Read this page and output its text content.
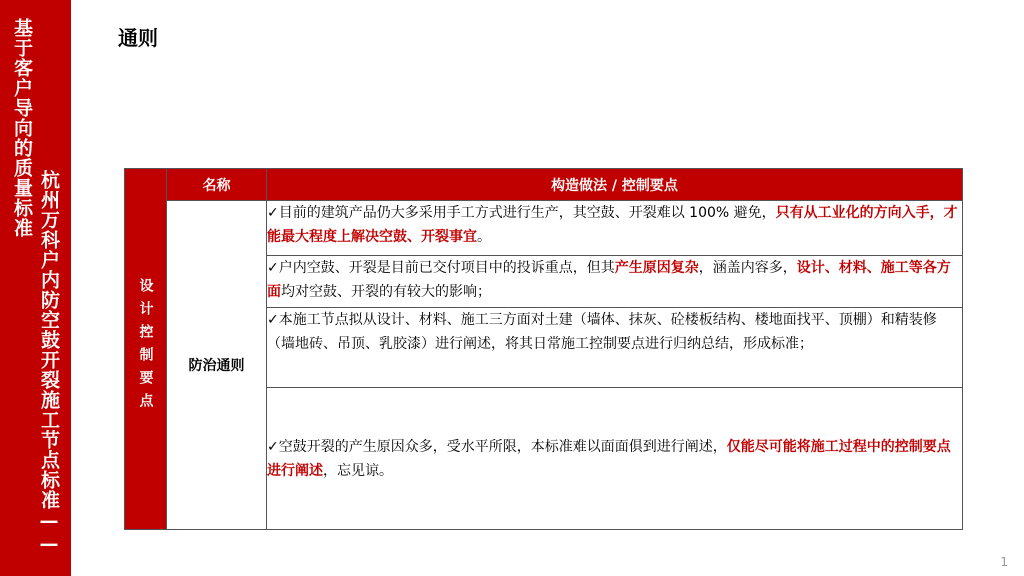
基于客户导向的质量标准
杭州万科户内防空鼓开裂施工节点标准——
通则
设计控制要点	名称	构造做法 / 控制要点
	防治通则	✓目前的建筑产品仍大多采用手工方式进行生产，其空鼓、开裂难以 100% 避免，只有从工业化的方向入手，才能最大程度上解决空鼓、开裂事宜。
		✓户内空鼓、开裂是目前已交付项目中的投诉重点，但其产生原因复杂，涵盖内容多，设计、材料、施工等各方面均对空鼓、开裂的有较大的影响；
		✓本施工节点拟从设计、材料、施工三方面对土建（墙体、抹灰、砼楼板结构、楼地面找平、顶棚）和精装修（墙地砖、吊顶、乳胶漆）进行阐述，将其日常施工控制要点进行归纳总结，形成标准；
		✓空鼓开裂的产生原因众多，受水平所限，本标准难以面面俱到进行阐述，仅能尽可能将施工过程中的控制要点进行阐述，忘见谅。
1
